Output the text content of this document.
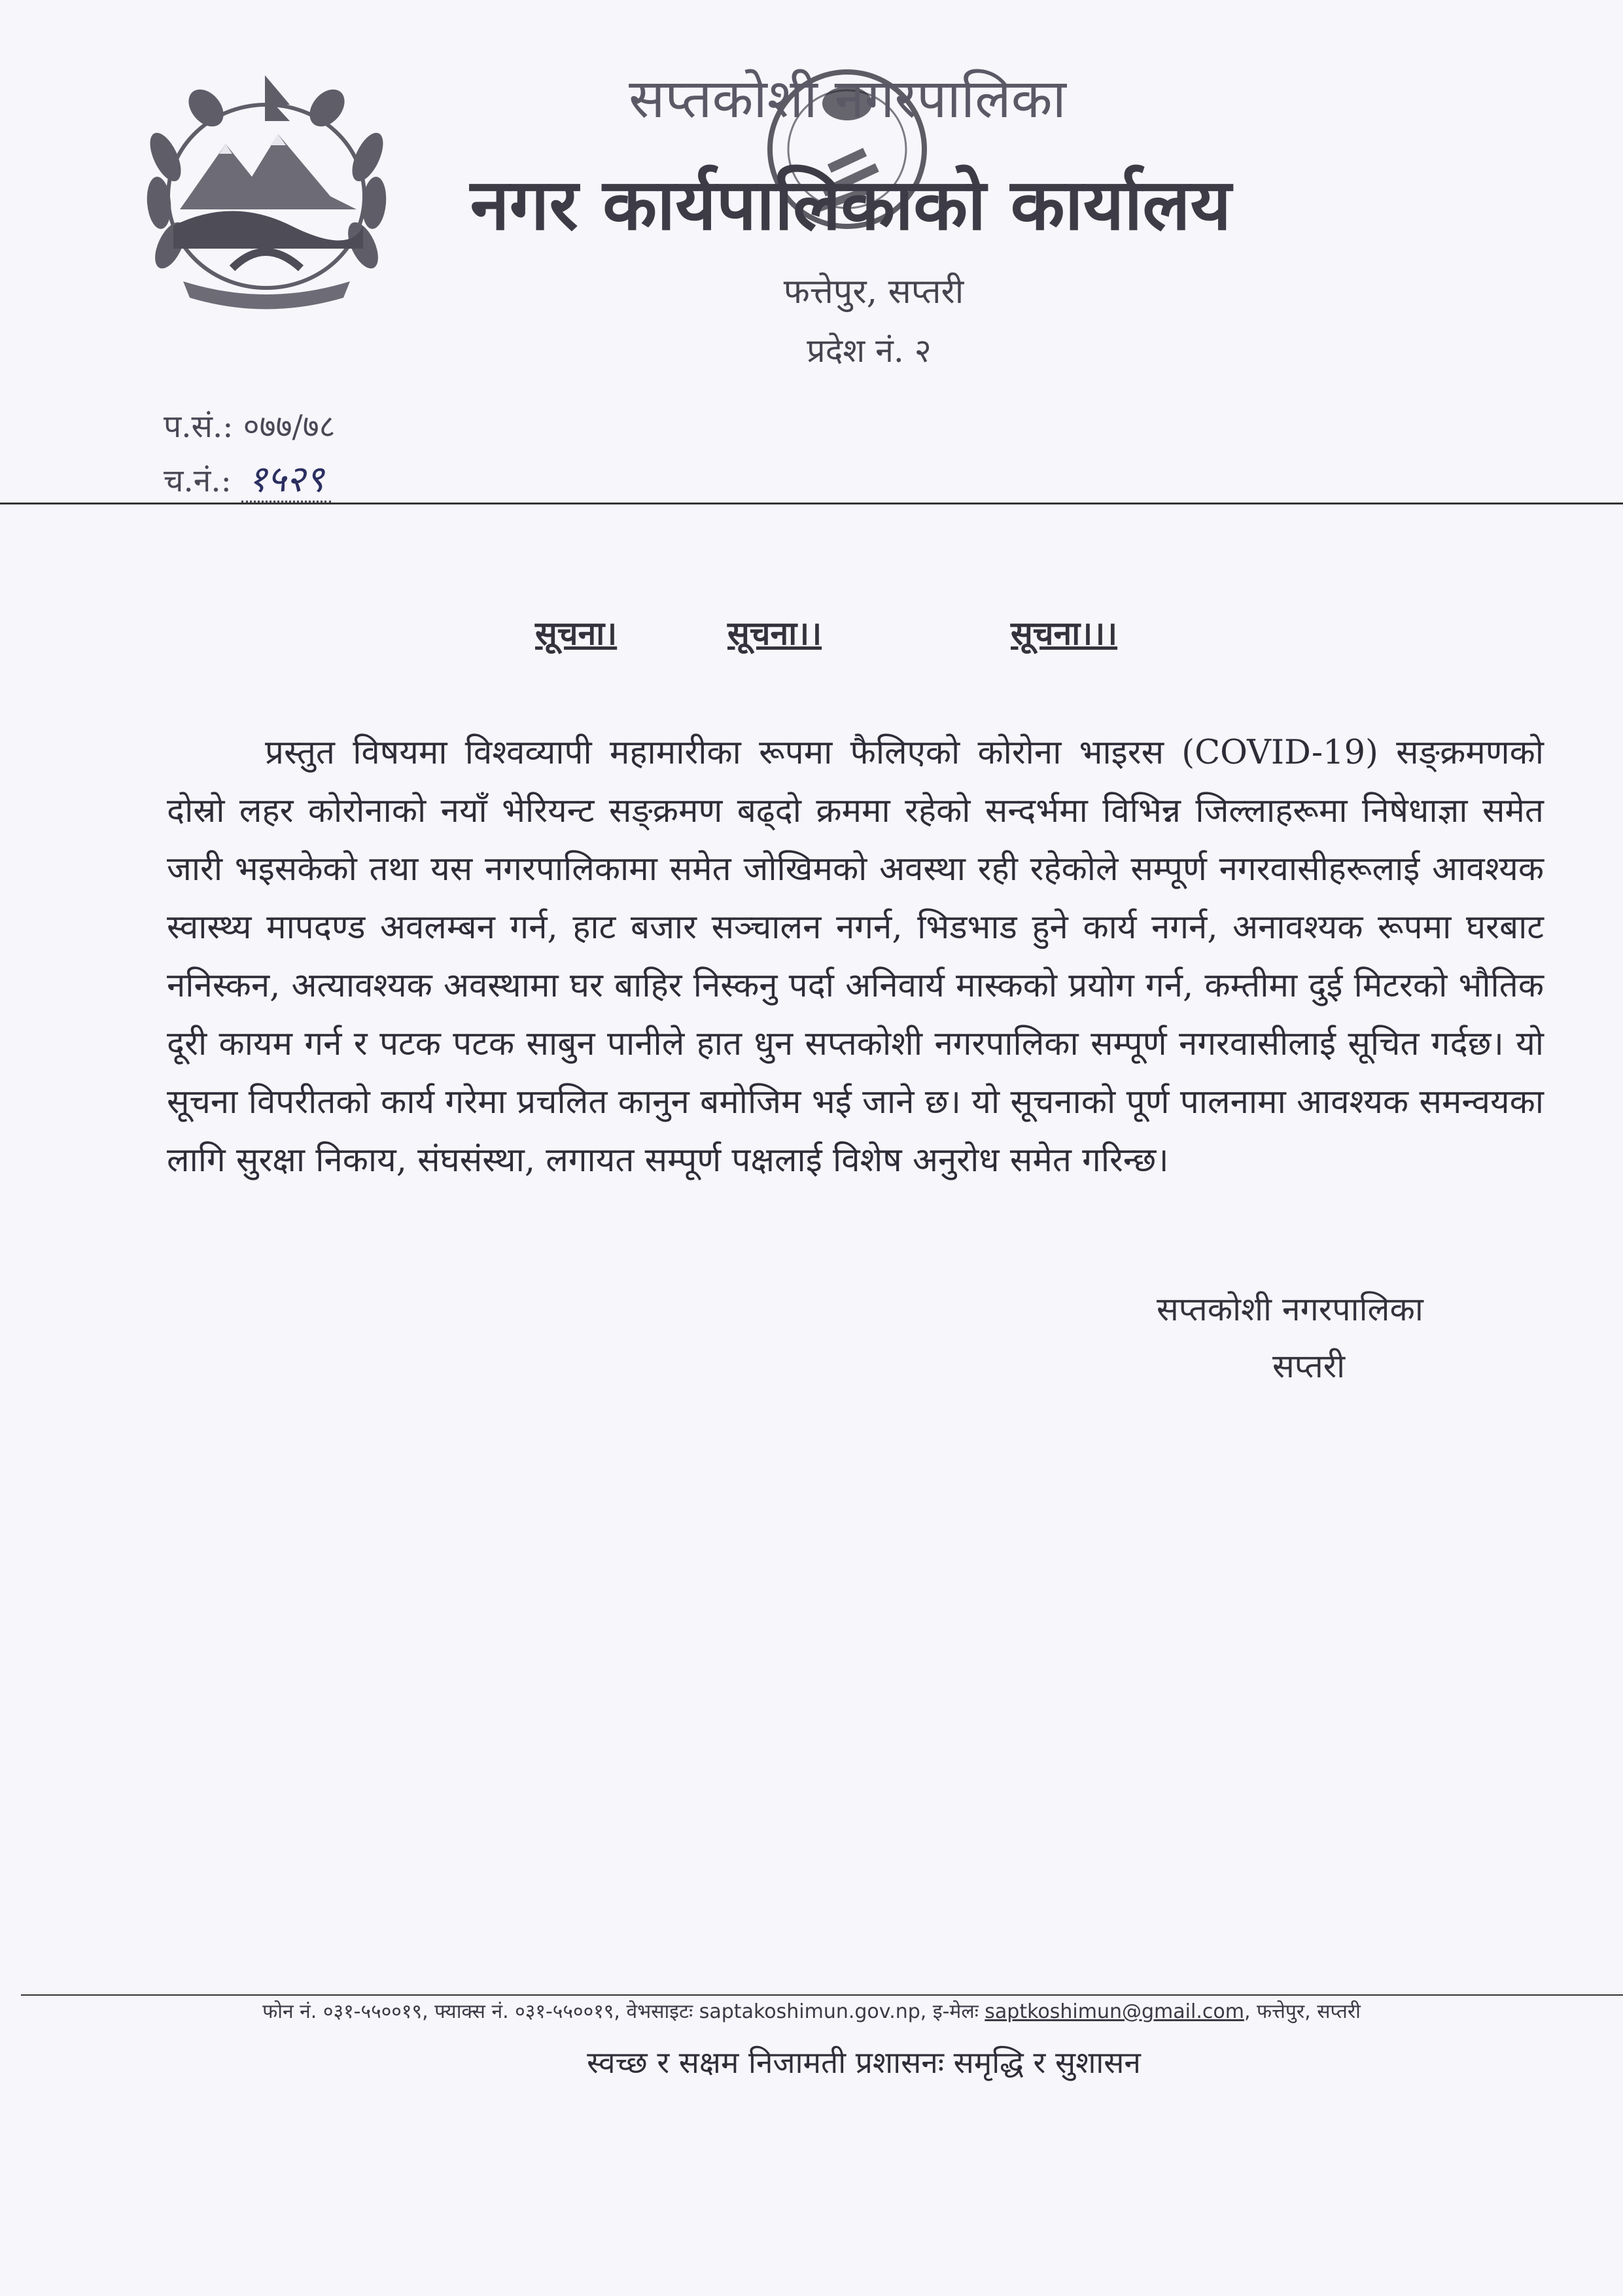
सप्तकोशी नगरपालिका
नगर कार्यपालिकाको कार्यालय
फत्तेपुर, सप्तरी
प्रदेश नं. २
प.सं.: ०७७/७८
च.नं.: १५२९
सूचना।	सूचना।।	सूचना।।।

प्रस्तुत विषयमा विश्वव्यापी महामारीका रूपमा फैलिएको कोरोना भाइरस (COVID-19) सङ्क्रमणको दोस्रो लहर कोरोनाको नयाँ भेरियन्ट सङ्क्रमण बढ्दो क्रममा रहेको सन्दर्भमा विभिन्न जिल्लाहरूमा निषेधाज्ञा समेत जारी भइसकेको तथा यस नगरपालिकामा समेत जोखिमको अवस्था रही रहेकोले सम्पूर्ण नगरवासीहरूलाई आवश्यक स्वास्थ्य मापदण्ड अवलम्बन गर्न, हाट बजार सञ्चालन नगर्न, भिडभाड हुने कार्य नगर्न, अनावश्यक रूपमा घरबाट ननिस्कन, अत्यावश्यक अवस्थामा घर बाहिर निस्कनु पर्दा अनिवार्य मास्कको प्रयोग गर्न, कम्तीमा दुई मिटरको भौतिक दूरी कायम गर्न र पटक पटक साबुन पानीले हात धुन सप्तकोशी नगरपालिका सम्पूर्ण नगरवासीलाई सूचित गर्दछ। यो सूचना विपरीतको कार्य गरेमा प्रचलित कानुन बमोजिम भई जाने छ। यो सूचनाको पूर्ण पालनामा आवश्यक समन्वयका लागि सुरक्षा निकाय, संघसंस्था, लगायत सम्पूर्ण पक्षलाई विशेष अनुरोध समेत गरिन्छ।

सप्तकोशी नगरपालिका
सप्तरी
फोन नं. ०३१-५५००१९, फ्याक्स नं. ०३१-५५००१९, वेभसाइटः saptakoshimun.gov.np, इ-मेलः saptkoshimun@gmail.com, फत्तेपुर, सप्तरी
स्वच्छ र सक्षम निजामती प्रशासनः समृद्धि र सुशासन
